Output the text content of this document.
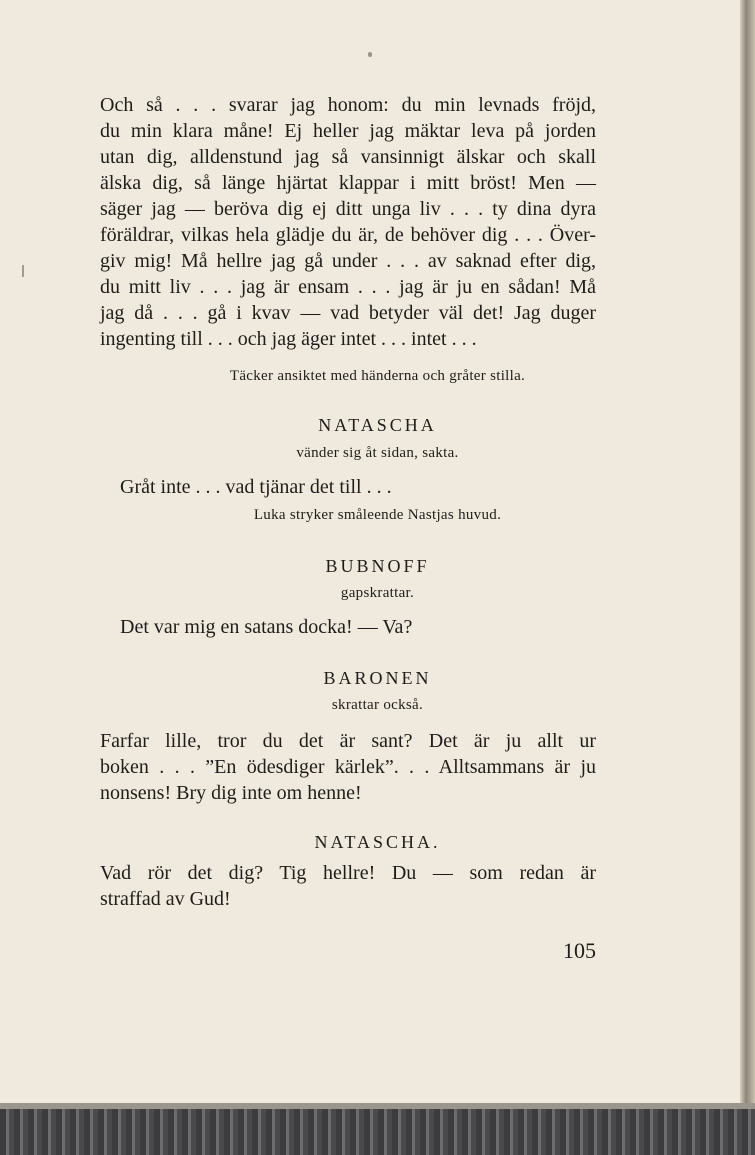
Och så . . . svarar jag honom: du min levnads fröjd,

du min klara måne! Ej heller jag mäktar leva på jorden

utan dig, alldenstund jag så vansinnigt älskar och skall

älska dig, så länge hjärtat klappar i mitt bröst! Men —

säger jag — beröva dig ej ditt unga liv . . . ty dina dyra

föräldrar, vilkas hela glädje du är, de behöver dig . . . Över-

giv mig! Må hellre jag gå under . . . av saknad efter dig,

du mitt liv . . . jag är ensam . . . jag är ju en sådan! Må

jag då . . . gå i kvav — vad betyder väl det! Jag duger

ingenting till . . . och jag äger intet . . . intet . . .

Täcker ansiktet med händerna och gråter stilla.
NATASCHA
vänder sig åt sidan, sakta.

Gråt inte . . . vad tjänar det till . . .

Luka stryker småleende Nastjas huvud.
BUBNOFF
gapskrattar.

Det var mig en satans docka! — Va?

BARONEN
skrattar också.

Farfar lille, tror du det är sant? Det är ju allt ur

boken . . . ”En ödesdiger kärlek”. . . Alltsammans är ju

nonsens! Bry dig inte om henne!

NATASCHA.

Vad rör det dig? Tig hellre! Du — som redan är

straffad av Gud!

105
